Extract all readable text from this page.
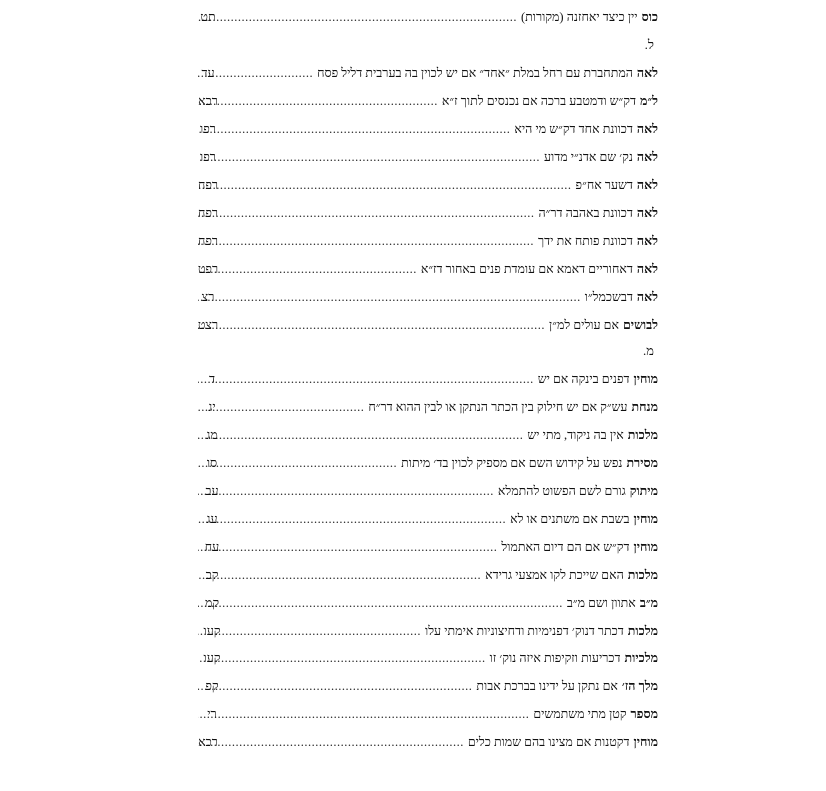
כוס
יין כיצד יאחזנה (מקורות)
.....
תט
ל.
לאה
המתחברת עם רחל במלת ״אחד״ אם יש לכוין בה בערבית דליל פסח
.....
עד
ל״מ
דק״ש ודמטבע ברכה אם נכנסים לתוך ז״א
.....
רכא
לאה
דכוונת אחד דק״ש מי היא
.....
רפו
לאה
נק׳ שם אדנ״י מדוע
.....
רפו
לאה
דשער אח״פ
.....
רפח
לאה
דכוונת באהבה דר״ה
.....
רפח
לאה
דכוונת פותח את ידך
.....
רפח
לאה
דאחוריים דאמא אם עומדת פנים באחור דז״א
.....
רפט
לאה
דבשכמל״ו
.....
רצ
לבושים
אם עולים למ״ן
.....
רצט
מ.
מוחין
דפנים בינקה אם יש
.....
ד
מנחת
עש״ק אם יש חילוק בין הכתר הנתקן או לבין ההוא דר״ח
.....
יג
מלכות
אין בה ניקוד, מתי יש
.....
מג
מסירת
נפש על קידוש השם אם מספיק לכוין בד׳ מיתות
.....
סו
מיתוק
גורם לשם הפשוט להתמלא
.....
עב
מוחין
בשבת אם משתנים או לא
.....
עג
מוחין
דק״ש אם הם דיום האתמול
.....
עח
מלכות
האם שייכת לקו אמצעי גרידא
.....
קכ
מ״ב
אתוון ושם מ״ב
.....
קמ
מלכות
דכתר דנוק׳ דפנימיות ודחיצוניות אימתי עלו
.....
קעו
מלכיות
דכריעות וזקיפות איזה נוק׳ זו
.....
קעו
מלך הז׳
אם נתקן על ידינו בברכת אבות
.....
קפ
מספר
קטן מתי משתמשים
.....
רי
מוחין
דקטנות אם מצינו בהם שמות כלים
.....
רכא
